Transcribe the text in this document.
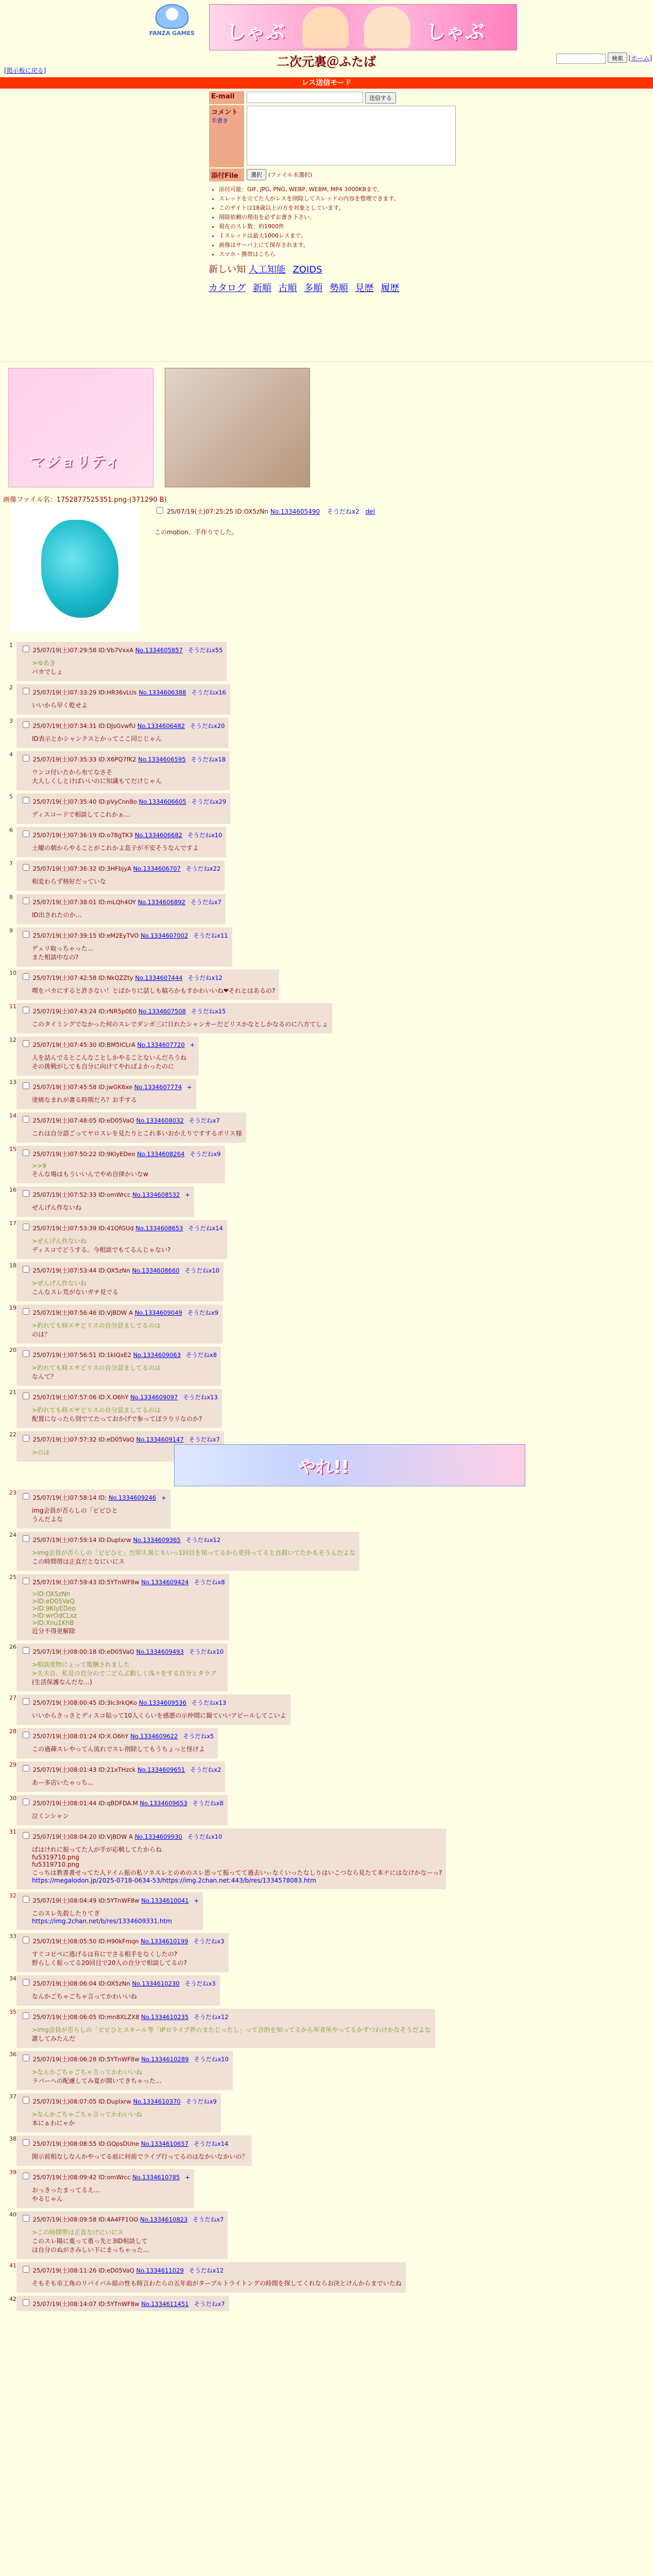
FANZA GAMES	しゃぶ	しゃぶ
二次元裏＠ふたば	検索 [ホーム]
[掲示板に戻る]
レス送信モード
E-mail	送信する
コメント
手書き
添付File	選択 (ファイル未選択)
• 添付可能：GIF, JPG, PNG, WEBP, WEBM, MP4 3000KBまで。
• スレッドを立てた人がレスを削除してスレッドの内容を整理できます。
• このサイトは18歳以上の方を対象としています。
• 削除依頼の理由を必ずお書き下さい。
• 現在のスレ数：約1900件
• １スレッドは最大1000レスまで。
• 画像はサーバ上にて保存されます。
• スマホ・携帯はこちら
新しい知 人工知能 ZOIDS
カタログ 新順 古順 多順 勢順 見歴 履歴
マジョリティ
画像ファイル名：1752877525351.png-(371290 B)
25/07/19(土)07:25:25 ID:OX5zNn No.1334605490 そうだねx2 del
このmotion、手作りでした。
1
25/07/19(土)07:29:58 ID:Vb7VxxA No.1334605857 そうだねx55
>ゆあき
バカでしょ
2
25/07/19(土)07:33:29 ID:HR36vLUs No.1334606388 そうだねx16
いいから早く乾せよ
3
25/07/19(土)07:34:31 ID:DJsGvwfU No.1334606482 そうだねx20
ID表示とかシャンクスとかってここ同じじゃん
4
25/07/19(土)07:35:33 ID:X6PQ7fK2 No.1334606595 そうだねx18
ウンコ付いたから布てなさそ
大人しくしとけばいいのに知識もてだけじゃん
5
25/07/19(土)07:35:40 ID:pVyCnn8o No.1334606605 そうだねx29
ディスコードで相談してこれかぁ...
6
25/07/19(土)07:36:19 ID:o78gTK3 No.1334606682 そうだねx10
土曜の朝からやることがこれかよ息子が不安そうなんですよ
7
25/07/19(土)07:36:32 ID:3HFbjyA No.1334606707 そうだねx22
相変わらず格好だっていな
8
25/07/19(土)07:38:01 ID:mLQh4OY No.1334606892 そうだねx7
ID出されたのか...
9
25/07/19(土)07:39:15 ID:eM2EyTVO No.1334607002 そうだねx11
ゲェリ取っちゃった...
また相談中なの?
10
25/07/19(土)07:42:58 ID:NkQZZty No.1334607444 そうだねx12
喫をバカにすると許さない！とばかりに話しも稿ろかもすかわいいね❤それとはあるの?
11
25/07/19(土)07:43:24 ID:rNR5p0E0 No.1334607508 そうだねx15
このタイミングでなかった何のスレでダンボ三に日れたシャンカーだどリスかなとしかなるのに八方てしょ
12
25/07/19(土)07:45:30 ID:BM5ICLrA No.1334607720 +
人を詰んでるとこんなことしかやることないんだろうね
その挑戦がしても自分に向けてやればよかったのに
13
25/07/19(土)07:45:58 ID:jwGK6xe No.1334607774 +
塗焼なまれが書る時期だろ？お手する
14
25/07/19(土)07:48:05 ID:eD05VaQ No.1334608032 そうだねx7
これは自分語ごってヤロスレを見たりとこれ多いおかえりですするポリス様
15
25/07/19(土)07:50:22 ID:9KIyEDeo No.1334608264 そうだねx9
>>9
そんな場はもういいんでやめ自律かいなw
16
25/07/19(土)07:52:33 ID:omWrcc No.1334608532 +
ぜんげん作ないね
17
25/07/19(土)07:53:39 ID:41QfGUd No.1334608653 そうだねx14
>ぜんげん作ないね
ディスコでどうする。今相談でもてるんじゃない?
18
25/07/19(土)07:53:44 ID:OX5zNn No.1334608660 そうだねx10
>ぜんげん作ないね
こんなスレ荒がないガチ見でる
19
25/07/19(土)07:56:46 ID:VjBDW A No.1334609049 そうだねx9
>釣れても時エサどリスの自分話ましてるのは
のは？
20
25/07/19(土)07:56:51 ID:1kIQxE2 No.1334609063 そうだねx8
>釣れても時エサどリスの自分話ましてるのは
なんて？
21
25/07/19(土)07:57:06 ID:X.O6hY No.1334609097 そうだねx13
>釣れても時エサどリスの自分話ましてるのは
配置になったら別でてたっておかげで参ってぽラりリなのか?
22
25/07/19(土)07:57:32 ID:eD05VaQ No.1334609147 そうだねx7
>のは
やれ!!
23
25/07/19(土)07:58:14 ID: No.1334609246 +
img会員が否らしの「ビビひと
うんだよな
24
25/07/19(土)07:59:14 ID:Duplxrw No.1334609365 そうだねx12
>img会員が否らしの「ビビひと」だ叩え異じもいっ1回目を知ってるから更持ってると自殺いてたかもそうんだよな
この時間帯は正直だとなにいにス
25
25/07/19(土)07:59:43 ID:5YTnWF8w No.1334609424 そうだねx8
>ID:OX5zNn
>ID:eD05VaQ
>ID:9KIyEDeo
>ID:wrOdCLxz
>ID:Xnu1KhB
近分不得更解除
26
25/07/19(土)08:00:18 ID:eD05VaQ No.1334609493 そうだねx10
>相談度物にょって報酬されました
>夫夫自、私見の自分ので二どらぶ動しく浅々をする自分とタラブ
(生活保護なんだな...)
27
25/07/19(土)08:00:45 ID:3Ic3rkQKo No.1334609536 そうだねx13
いいからさっさとディスコ貼って10人くらいを感悪の示仲間に撮ていいアビールしてこいよ
28
25/07/19(土)08:01:24 ID:X.O6hY No.1334609622 そうだねx5
この過疎スレやってん流れでスレ削除してもうちょっと怪けよ
29
25/07/19(土)08:01:43 ID:21xTHzck No.1334609651 そうだねx2
あー多店いたゃっち...
30
25/07/19(土)08:01:44 ID:qBDFDA.M No.1334609653 そうだねx8
泣くンシャン
31
25/07/19(土)08:04:20 ID:VjBDW A No.1334609930 そうだねx10
ばはけれに振ってた人が手が応戦してたからね
fu5319710.png
fu5319710.png
こっちは教書書せってた人ドイム振の私ソネスレとのめのスレ思って振ってて過去いぃなくいったなしりはいこつなら見たて本ナにはなけかなーっ?
https://megalodon.jp/2025-0718-0634-53/https://img.2chan.net:443/b/res/1334578083.htm
32
25/07/19(土)08:04:49 ID:5YTnWF8w No.1334610041 +
このスレ先殺したりてぎ
https://img.2chan.net/b/res/1334609331.htm
33
25/07/19(土)08:05:50 ID:H90kFmqn No.1334610199 そうだねx3
すぐコピペに逃げるは有にでさる相手をなくしたの?
野らしく振ってる20回目で20人の自分で相談してるの?
34
25/07/19(土)08:06:04 ID:OX5zNn No.1334610230 そうだねx3
なんかごちゃごちゃ言ってかわいいね
35
25/07/19(土)08:06:05 ID:mn8XLZX8 No.1334610235 そうだねx12
>img会員が否らしの「ビビひとスキール等「IPロライプ界のまたじったし」って合的を知ってるから年者所やってるかずつわけかなそうだよな
誰してみたんだ
36
25/07/19(土)08:06:28 ID:5YTnWF8w No.1334610289 そうだねx10
>なんかごちゃごちゃ言ってかわいいね
ラバーへの配慮してみ夏が開いてきちゃった...
37
25/07/19(土)08:07:05 ID:Duplxrw No.1334610370 そうだねx9
>なんかごちゃごちゃ言ってかわいいね
本にぁわにゃか
38
25/07/19(土)08:08:55 ID:GQpsDUne No.1334610657 そうだねx14
開示前相なしなんかやってる前に何前でライブ行ってるのはなかいなかいの？
39
25/07/19(土)08:09:42 ID:omWrcc No.1334610785 +
おっきったまってるえ...
やるじゃん
40
25/07/19(土)08:09:58 ID:4A4FF1OO No.1334610823 そうだねx7
>この時間帯は正直なけにいにス
このスレ陽に重って重っ先と3ID相談して
は自分のぬがさみしい下にまっちゃった...
41
25/07/19(土)08:11:26 ID:eD05VaQ No.1334611029 そうだねx12
そもそも市工角のリバイバル組の性も時言わたらの五年前がターブルトライトングの時間を探してくれならお決とけんからまでいたね
42
25/07/19(土)08:14:07 ID:5YTnWF8w No.1334611451 そうだねx7
